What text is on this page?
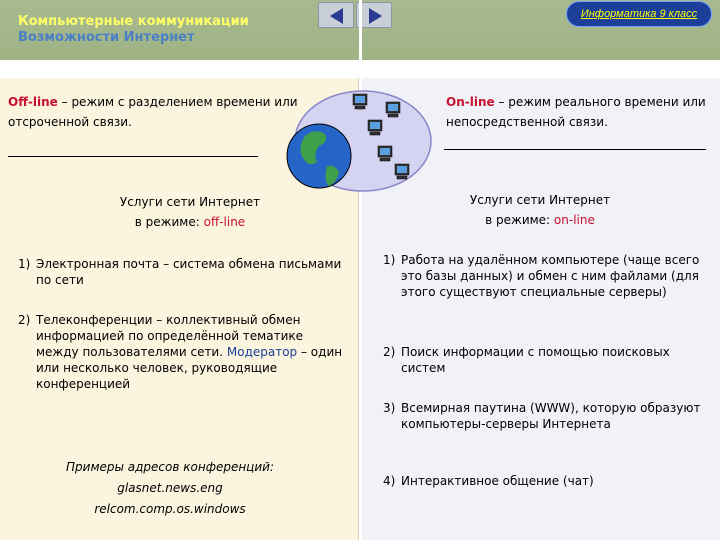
Компьютерные коммуникации
Возможности Интернет
Информатика 9 класс
Off-line – режим с разделением времени или отсроченной связи.
On-line – режим реального времени или непосредственной связи.
Услуги сети Интернет
в режиме: off-line
Услуги сети Интернет
в режиме: on-line
1) Электронная почта – система обмена письмами по сети
2) Телеконференции – коллективный обмен информацией по определённой тематике между пользователями сети. Модератор – один или несколько человек, руководящие конференцией
Примеры адресов конференций:
glasnet.news.eng
relcom.comp.os.windows
1) Работа на удалённом компьютере (чаще всего это базы данных) и обмен с ним файлами (для этого существуют специальные серверы)
2) Поиск информации с помощью поисковых систем
3) Всемирная паутина (WWW), которую образуют компьютеры-серверы Интернета
4) Интерактивное общение (чат)
